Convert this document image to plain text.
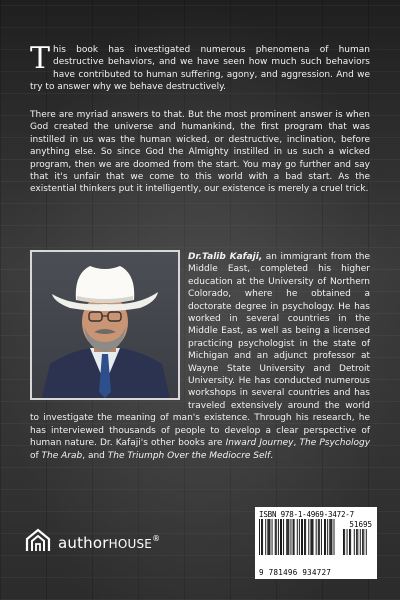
This book has investigated numerous phenomena of human destructive behaviors, and we have seen how much such behaviors have contributed to human suffering, agony, and aggression. And we try to answer why we behave destructively.

There are myriad answers to that. But the most prominent answer is when God created the universe and humankind, the first program that was instilled in us was the human wicked, or destructive, inclination, before anything else. So since God the Almighty instilled in us such a wicked program, then we are doomed from the start. You may go further and say that it's unfair that we come to this world with a bad start. As the existential thinkers put it intelligently, our existence is merely a cruel trick.

Dr.Talib Kafaji, an immigrant from the Middle East, completed his higher education at the University of Northern Colorado, where he obtained a doctorate degree in psychology. He has worked in several countries in the Middle East, as well as being a licensed practicing psychologist in the state of Michigan and an adjunct professor at Wayne State University and Detroit University. He has conducted numerous workshops in several countries and has traveled extensively around the world to investigate the meaning of man's existence. Through his research, he has interviewed thousands of people to develop a clear perspective of human nature. Dr. Kafaji's other books are Inward Journey, The Psychology of The Arab, and The Triumph Over the Mediocre Self.

authorHOUSE®
ISBN 978-1-4969-3472-7
51695
9 781496 934727
